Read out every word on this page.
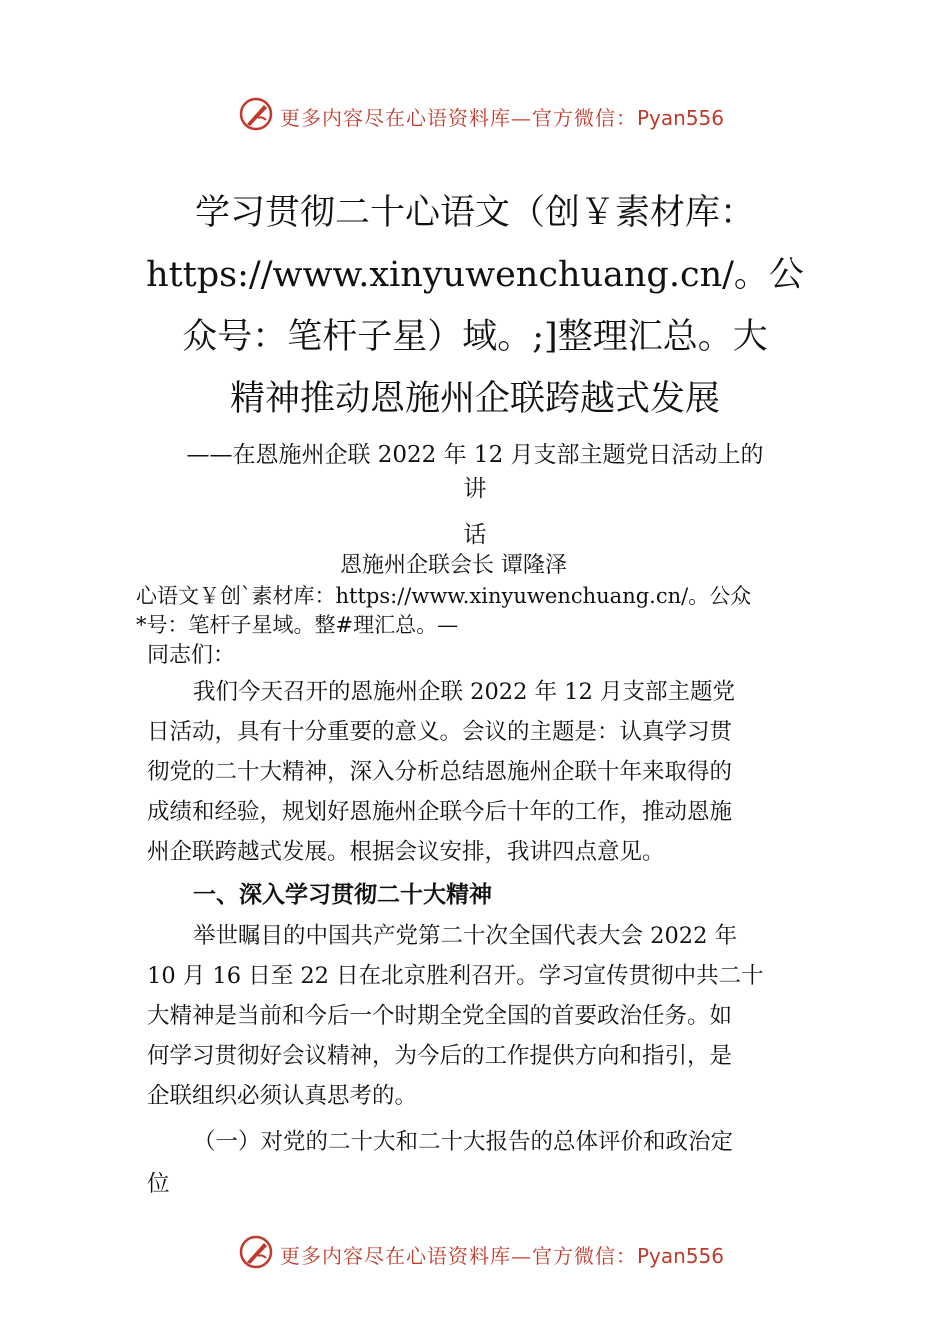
更多内容尽在心语资料库—官方微信：Pyan556
学习贯彻二十心语文（创￥素材库：
https://www.xinyuwenchuang.cn/。公
众号：笔杆子星）域。;]整理汇总。大
精神推动恩施州企联跨越式发展
——在恩施州企联 2022 年 12 月支部主题党日活动上的
讲
话
恩施州企联会长 谭隆泽
心语文￥创`素材库：https://www.xinyuwenchuang.cn/。公众
*号：笔杆子星域。整#理汇总。—
同志们：
我们今天召开的恩施州企联 2022 年 12 月支部主题党
日活动，具有十分重要的意义。会议的主题是：认真学习贯
彻党的二十大精神，深入分析总结恩施州企联十年来取得的
成绩和经验，规划好恩施州企联今后十年的工作，推动恩施
州企联跨越式发展。根据会议安排，我讲四点意见。
一、深入学习贯彻二十大精神
举世瞩目的中国共产党第二十次全国代表大会 2022 年
10 月 16 日至 22 日在北京胜利召开。学习宣传贯彻中共二十
大精神是当前和今后一个时期全党全国的首要政治任务。如
何学习贯彻好会议精神，为今后的工作提供方向和指引，是
企联组织必须认真思考的。
（一）对党的二十大和二十大报告的总体评价和政治定
位
更多内容尽在心语资料库—官方微信：Pyan556
